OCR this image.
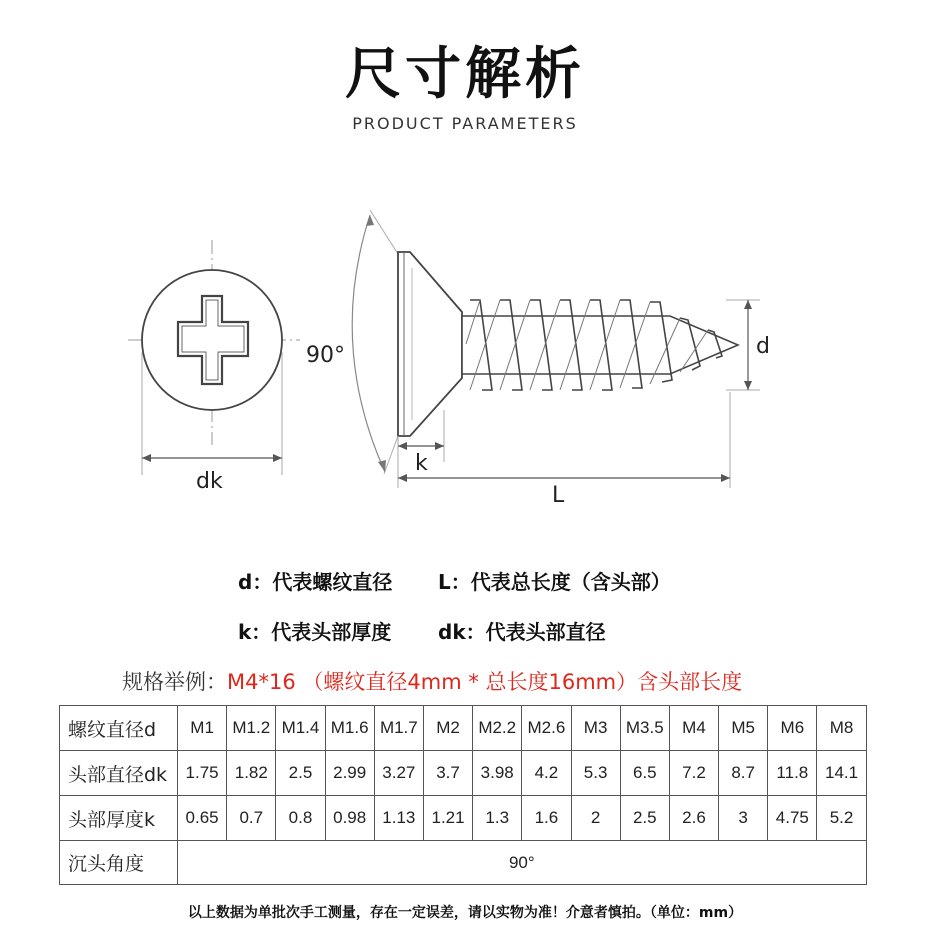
尺寸解析
PRODUCT PARAMETERS
dk
90°	d
k
L
d：代表螺纹直径 L：代表总长度（含头部）
k：代表头部厚度 dk：代表头部直径
规格举例：M4*16 （螺纹直径4mm * 总长度16mm）含头部长度
螺纹直径d	M1	M1.2	M1.4	M1.6	M1.7	M2	M2.2	M2.6	M3	M3.5	M4	M5	M6	M8
头部直径dk	1.75	1.82	2.5	2.99	3.27	3.7	3.98	4.2	5.3	6.5	7.2	8.7	11.8	14.1
头部厚度k	0.65	0.7	0.8	0.98	1.13	1.21	1.3	1.6	2	2.5	2.6	3	4.75	5.2
沉头角度	90°													
以上数据为单批次手工测量，存在一定误差，请以实物为准！介意者慎拍。（单位：mm）
